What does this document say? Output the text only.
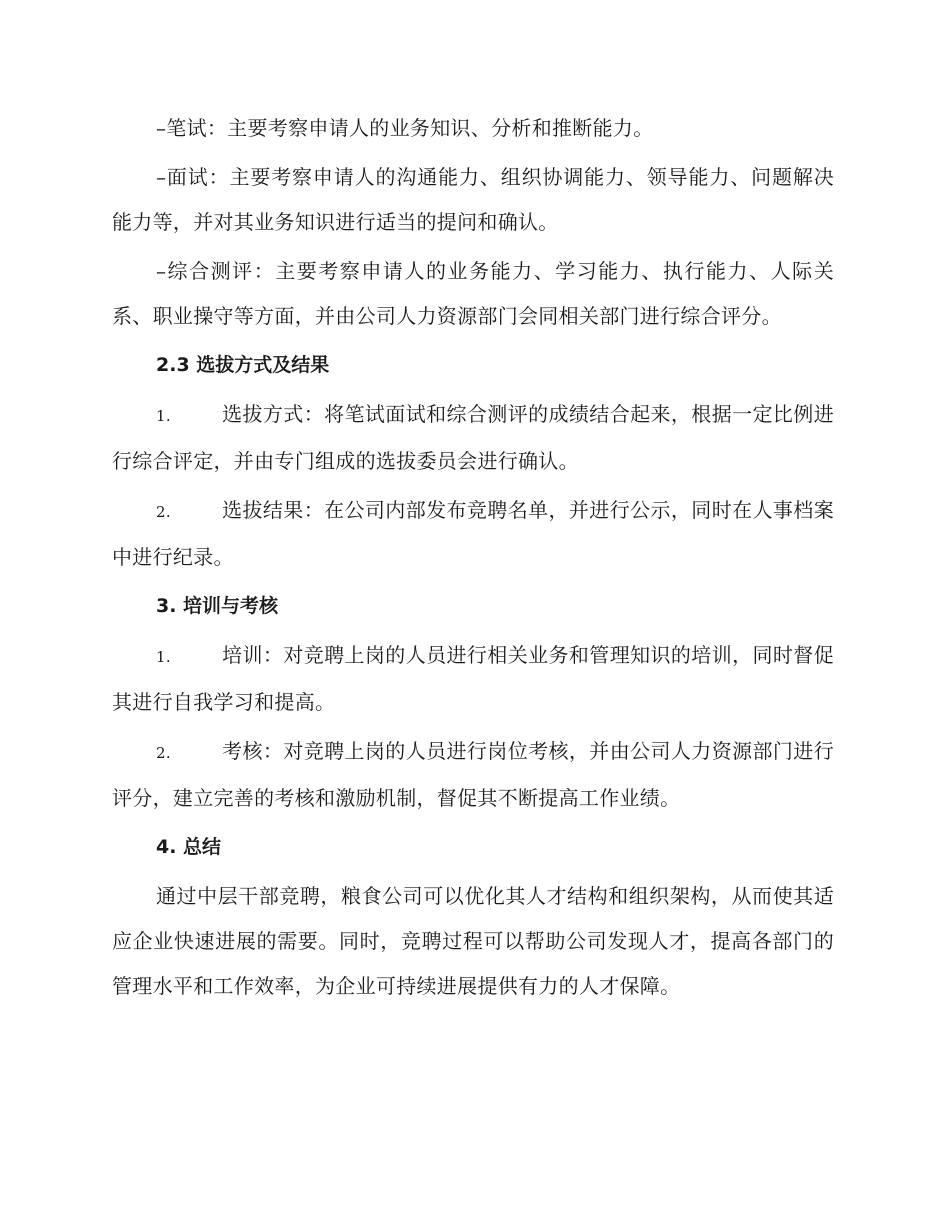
–笔试：主要考察申请人的业务知识、分析和推断能力。

–面试：主要考察申请人的沟通能力、组织协调能力、领导能力、问题解决能力等，并对其业务知识进行适当的提问和确认。

–综合测评：主要考察申请人的业务能力、学习能力、执行能力、人际关系、职业操守等方面，并由公司人力资源部门会同相关部门进行综合评分。

2.3 选拔方式及结果

1.	选拔方式：将笔试面试和综合测评的成绩结合起来，根据一定比例进行综合评定，并由专门组成的选拔委员会进行确认。

2.	选拔结果：在公司内部发布竞聘名单，并进行公示，同时在人事档案中进行纪录。

3. 培训与考核

1.	培训：对竞聘上岗的人员进行相关业务和管理知识的培训，同时督促其进行自我学习和提高。

2.	考核：对竞聘上岗的人员进行岗位考核，并由公司人力资源部门进行评分，建立完善的考核和激励机制，督促其不断提高工作业绩。

4. 总结

通过中层干部竞聘，粮食公司可以优化其人才结构和组织架构，从而使其适应企业快速进展的需要。同时，竞聘过程可以帮助公司发现人才，提高各部门的管理水平和工作效率，为企业可持续进展提供有力的人才保障。
